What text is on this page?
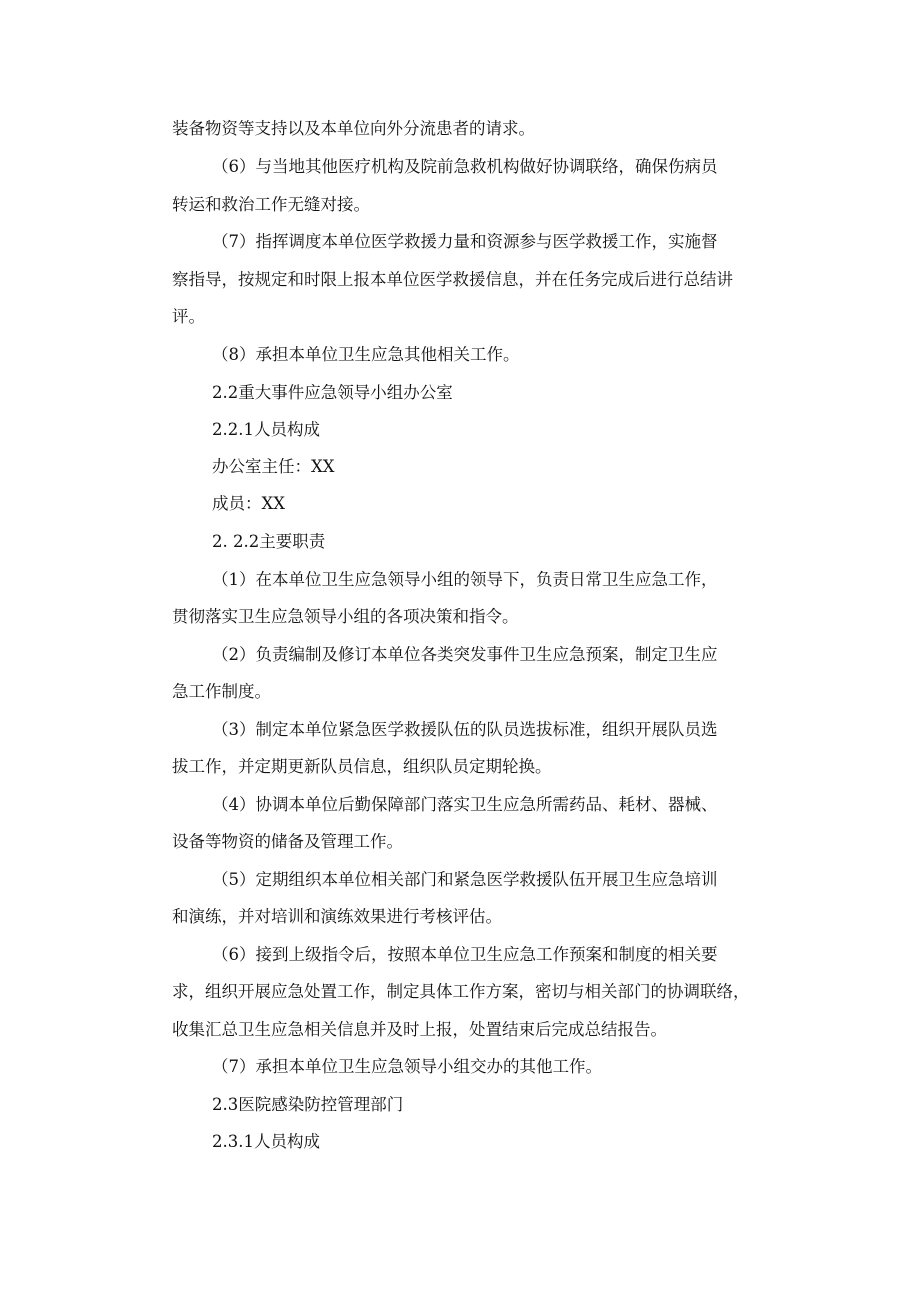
装备物资等支持以及本单位向外分流患者的请求。
（6）与当地其他医疗机构及院前急救机构做好协调联络，确保伤病员
转运和救治工作无缝对接。
（7）指挥调度本单位医学救援力量和资源参与医学救援工作，实施督
察指导，按规定和时限上报本单位医学救援信息，并在任务完成后进行总结讲
评。
（8）承担本单位卫生应急其他相关工作。
2.2重大事件应急领导小组办公室
2.2.1人员构成
办公室主任：XX
成员：XX
2. 2.2主要职责
（1）在本单位卫生应急领导小组的领导下，负责日常卫生应急工作，
贯彻落实卫生应急领导小组的各项决策和指令。
（2）负责编制及修订本单位各类突发事件卫生应急预案，制定卫生应
急工作制度。
（3）制定本单位紧急医学救援队伍的队员选拔标准，组织开展队员选
拔工作，并定期更新队员信息，组织队员定期轮换。
（4）协调本单位后勤保障部门落实卫生应急所需药品、耗材、器械、
设备等物资的储备及管理工作。
（5）定期组织本单位相关部门和紧急医学救援队伍开展卫生应急培训
和演练，并对培训和演练效果进行考核评估。
（6）接到上级指令后，按照本单位卫生应急工作预案和制度的相关要
求，组织开展应急处置工作，制定具体工作方案，密切与相关部门的协调联络，
收集汇总卫生应急相关信息并及时上报，处置结束后完成总结报告。
（7）承担本单位卫生应急领导小组交办的其他工作。
2.3医院感染防控管理部门
2.3.1人员构成
